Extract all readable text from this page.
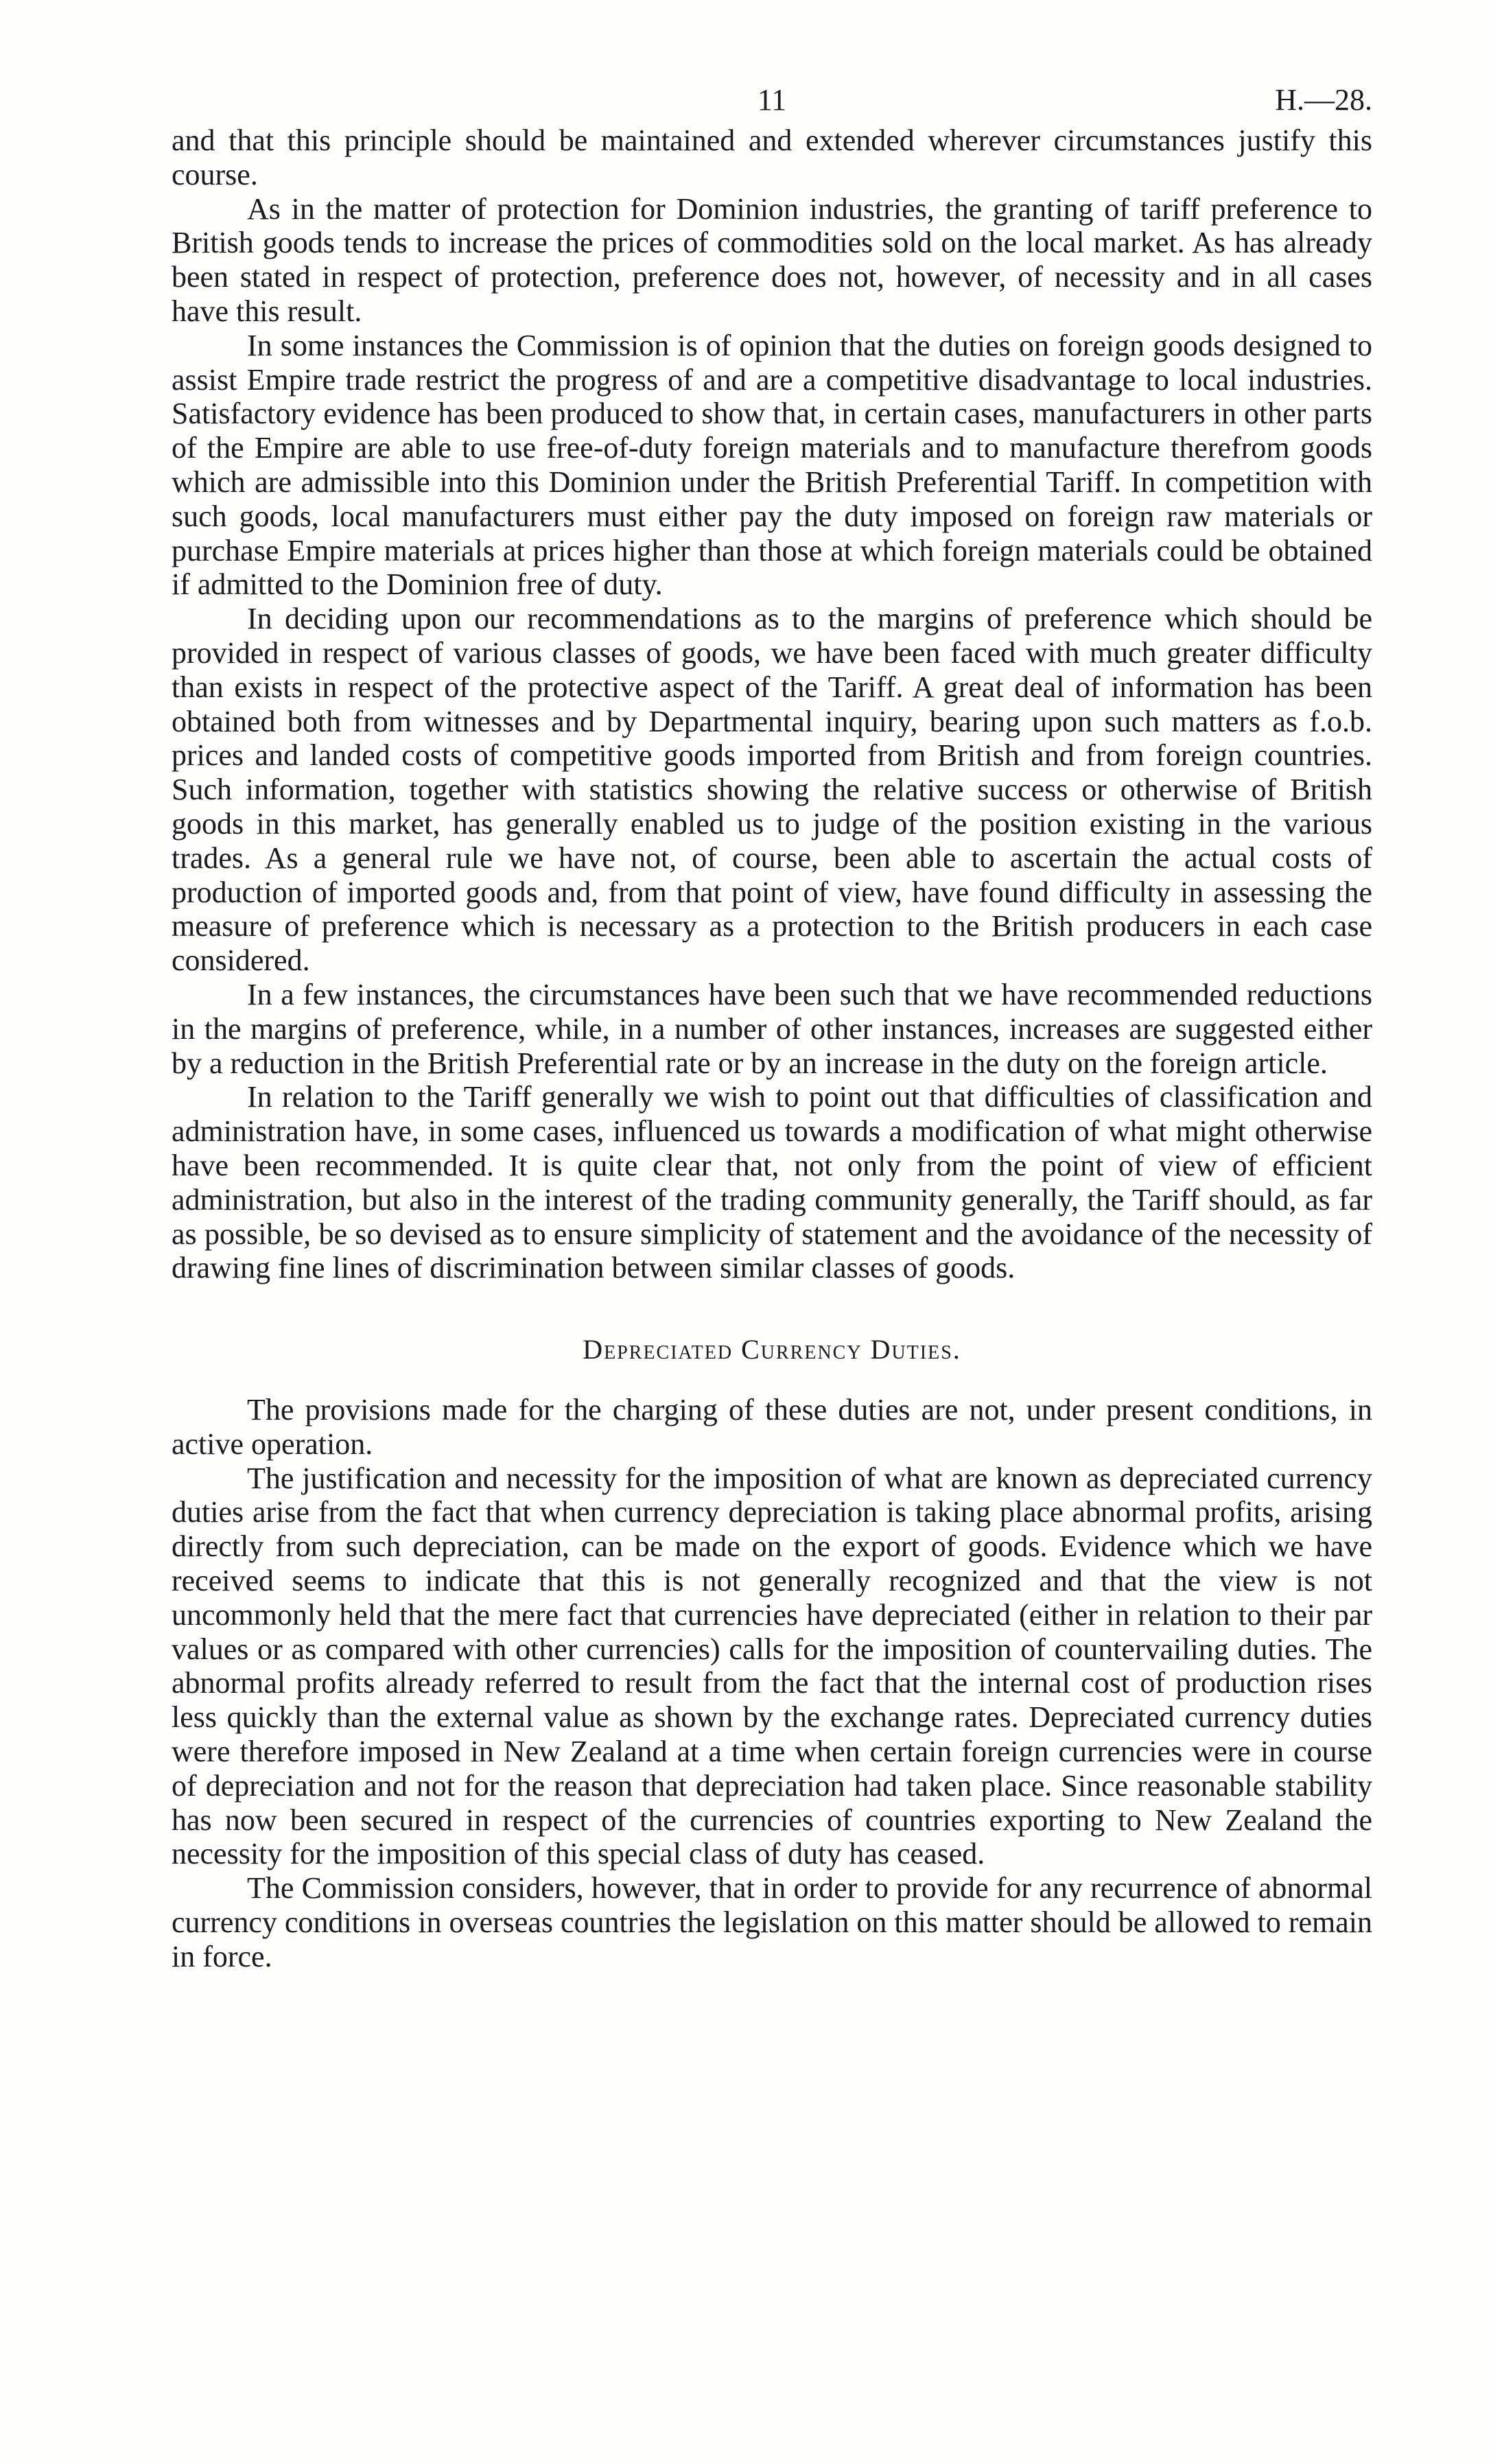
11	H.—28.

and that this principle should be maintained and extended wherever circumstances justify this course.

As in the matter of protection for Dominion industries, the granting of tariff preference to British goods tends to increase the prices of commodities sold on the local market. As has already been stated in respect of protection, preference does not, however, of necessity and in all cases have this result.

In some instances the Commission is of opinion that the duties on foreign goods designed to assist Empire trade restrict the progress of and are a competitive disadvantage to local industries. Satisfactory evidence has been produced to show that, in certain cases, manufacturers in other parts of the Empire are able to use free-of-duty foreign materials and to manufacture therefrom goods which are admissible into this Dominion under the British Preferential Tariff. In competition with such goods, local manufacturers must either pay the duty imposed on foreign raw materials or purchase Empire materials at prices higher than those at which foreign materials could be obtained if admitted to the Dominion free of duty.

In deciding upon our recommendations as to the margins of preference which should be provided in respect of various classes of goods, we have been faced with much greater difficulty than exists in respect of the protective aspect of the Tariff. A great deal of information has been obtained both from witnesses and by Departmental inquiry, bearing upon such matters as f.o.b. prices and landed costs of competitive goods imported from British and from foreign countries. Such information, together with statistics showing the relative success or otherwise of British goods in this market, has generally enabled us to judge of the position existing in the various trades. As a general rule we have not, of course, been able to ascertain the actual costs of production of imported goods and, from that point of view, have found difficulty in assessing the measure of preference which is necessary as a protection to the British producers in each case considered.

In a few instances, the circumstances have been such that we have recommended reductions in the margins of preference, while, in a number of other instances, increases are suggested either by a reduction in the British Preferential rate or by an increase in the duty on the foreign article.

In relation to the Tariff generally we wish to point out that difficulties of classification and administration have, in some cases, influenced us towards a modification of what might otherwise have been recommended. It is quite clear that, not only from the point of view of efficient administration, but also in the interest of the trading community generally, the Tariff should, as far as possible, be so devised as to ensure simplicity of statement and the avoidance of the necessity of drawing fine lines of discrimination between similar classes of goods.

Depreciated Currency Duties.

The provisions made for the charging of these duties are not, under present conditions, in active operation.

The justification and necessity for the imposition of what are known as depreciated currency duties arise from the fact that when currency depreciation is taking place abnormal profits, arising directly from such depreciation, can be made on the export of goods. Evidence which we have received seems to indicate that this is not generally recognized and that the view is not uncommonly held that the mere fact that currencies have depreciated (either in relation to their par values or as compared with other currencies) calls for the imposition of countervailing duties. The abnormal profits already referred to result from the fact that the internal cost of production rises less quickly than the external value as shown by the exchange rates. Depreciated currency duties were therefore imposed in New Zealand at a time when certain foreign currencies were in course of depreciation and not for the reason that depreciation had taken place. Since reasonable stability has now been secured in respect of the currencies of countries exporting to New Zealand the necessity for the imposition of this special class of duty has ceased.

The Commission considers, however, that in order to provide for any recurrence of abnormal currency conditions in overseas countries the legislation on this matter should be allowed to remain in force.
